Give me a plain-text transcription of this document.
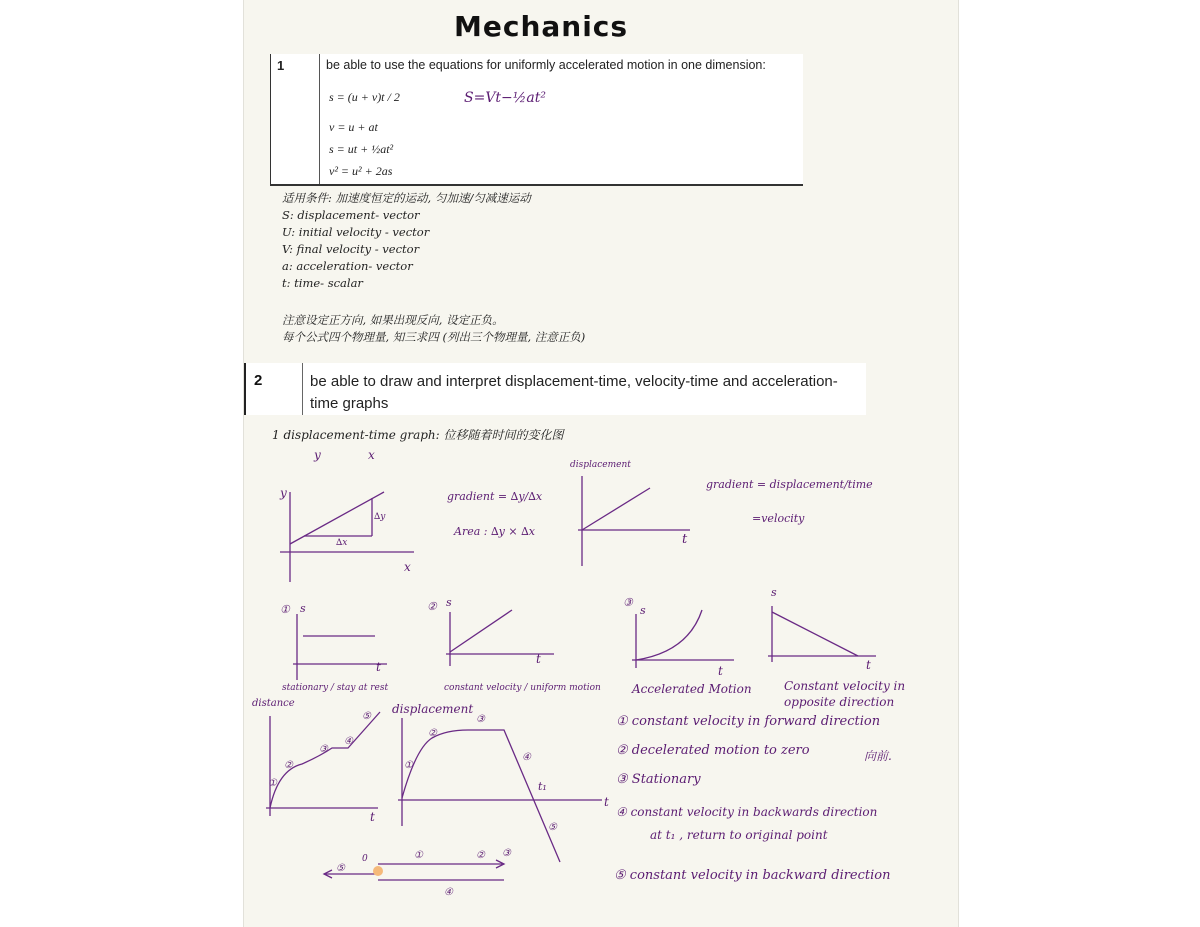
Mechanics
1	be able to use the equations for uniformly accelerated motion in one dimension:
s = (u + v)t / 2
v = u + at
s = ut + ½at²
v² = u² + 2as
S=Vt−½at²
适用条件: 加速度恒定的运动, 匀加速/匀减速运动
S: displacement- vector
U: initial velocity - vector
V: final velocity - vector
a: acceleration- vector
t: time- scalar
注意设定正方向, 如果出现反向, 设定正负。
每个公式四个物理量, 知三求四 (列出三个物理量, 注意正负)
2	be able to draw and interpret displacement-time, velocity-time and acceleration-time graphs
1 displacement-time graph: 位移随着时间的变化图
y	x
y
x
∆y
∆x
gradient = ∆y/∆x
Area : ∆y × ∆x
displacement
t
gradient = displacement/time
=velocity
① s
t
stationary / stay at rest
② s
t
constant velocity / uniform motion
③
s
t
Accelerated Motion
s
t
Constant velocity in opposite direction
distance
t
①
②
③
④
⑤
displacement
t
t₁
①
②
③
④
⑤
0
⑤
①	② ③
④
① constant velocity in forward direction
② decelerated motion to zero	向前.
③ Stationary
④ constant velocity in backwards direction
at t₁ , return to original point
⑤ constant velocity in backward direction
